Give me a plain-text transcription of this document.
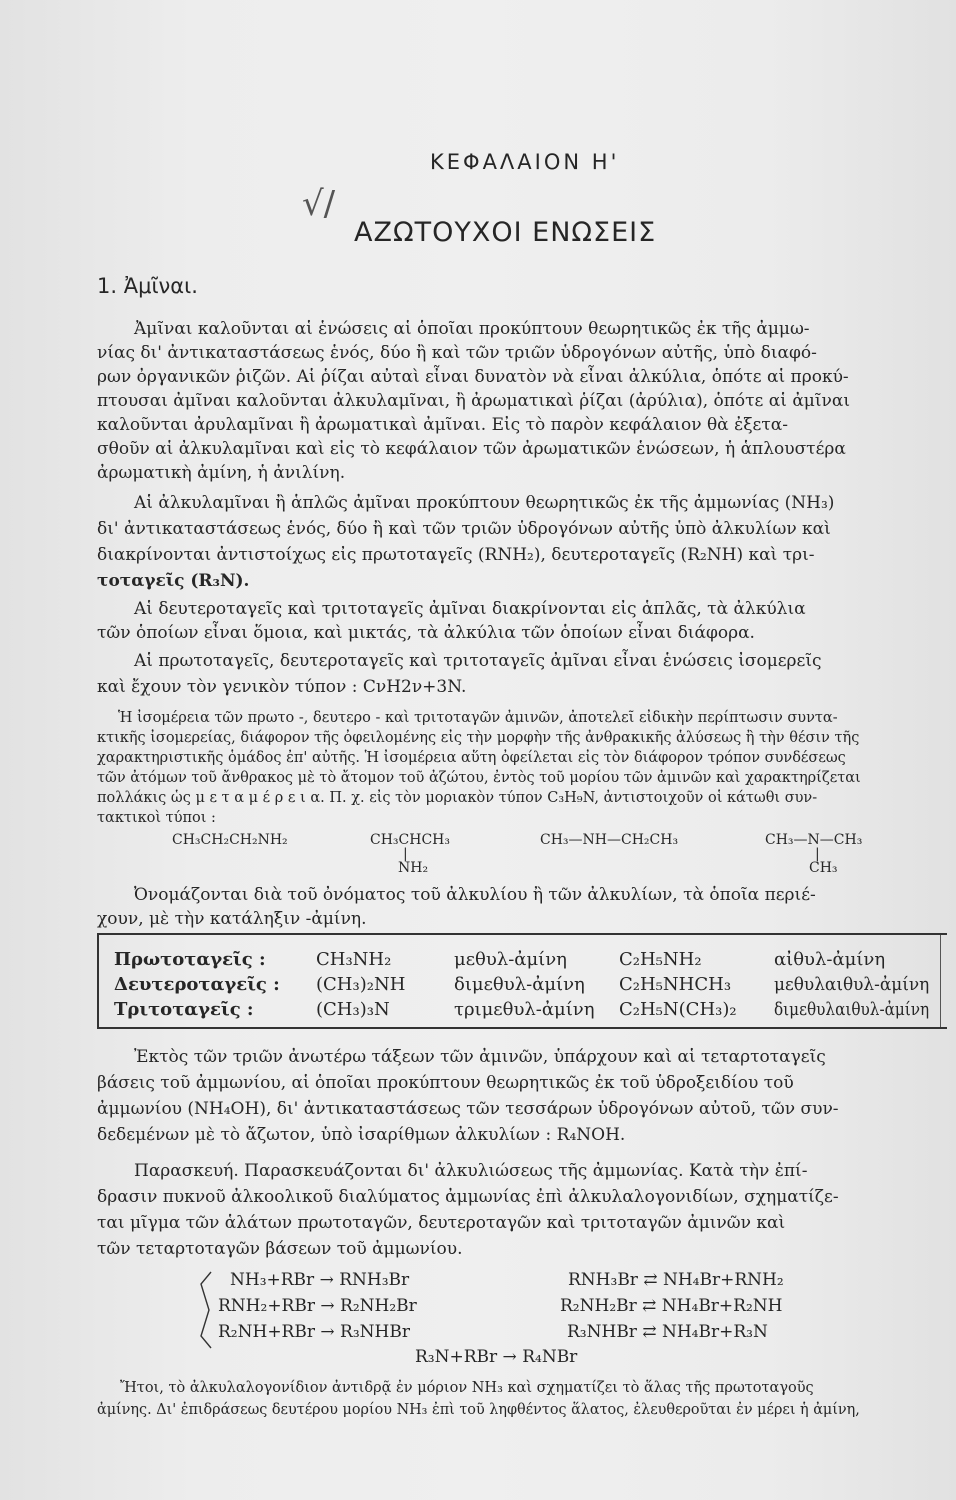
ΚΕΦΑΛΑΙΟΝ Η'
√/
ΑΖΩΤΟΥΧΟΙ ΕΝΩΣΕΙΣ
1. Ἀμῖναι.
Ἀμῖναι καλοῦνται αἱ ἑνώσεις αἱ ὁποῖαι προκύπτουν θεωρητικῶς ἐκ τῆς ἀμμω-
νίας δι' ἀντικαταστάσεως ἑνός, δύο ἢ καὶ τῶν τριῶν ὑδρογόνων αὐτῆς, ὑπὸ διαφό-
ρων ὀργανικῶν ῥιζῶν. Αἱ ῥίζαι αὐταὶ εἶναι δυνατὸν νὰ εἶναι ἀλκύλια, ὁπότε αἱ προκύ-
πτουσαι ἀμῖναι καλοῦνται ἀλκυλαμῖναι, ἢ ἀρωματικαὶ ῥίζαι (ἀρύλια), ὁπότε αἱ ἀμῖναι
καλοῦνται ἀρυλαμῖναι ἢ ἀρωματικαὶ ἀμῖναι. Εἰς τὸ παρὸν κεφάλαιον θὰ ἐξετα-
σθοῦν αἱ ἀλκυλαμῖναι καὶ εἰς τὸ κεφάλαιον τῶν ἀρωματικῶν ἑνώσεων, ἡ ἁπλουστέρα
ἀρωματικὴ ἀμίνη, ἡ ἀνιλίνη.
Αἱ ἀλκυλαμῖναι ἢ ἁπλῶς ἀμῖναι προκύπτουν θεωρητικῶς ἐκ τῆς ἀμμωνίας (NH₃)
δι' ἀντικαταστάσεως ἑνός, δύο ἢ καὶ τῶν τριῶν ὑδρογόνων αὐτῆς ὑπὸ ἀλκυλίων καὶ
διακρίνονται ἀντιστοίχως εἰς πρωτοταγεῖς (RNH₂), δευτεροταγεῖς (R₂NH) καὶ τρι-
τοταγεῖς (R₃N).
Αἱ δευτεροταγεῖς καὶ τριτοταγεῖς ἀμῖναι διακρίνονται εἰς ἁπλᾶς, τὰ ἀλκύλια
τῶν ὁποίων εἶναι ὅμοια, καὶ μικτάς, τὰ ἀλκύλια τῶν ὁποίων εἶναι διάφορα.
Αἱ πρωτοταγεῖς, δευτεροταγεῖς καὶ τριτοταγεῖς ἀμῖναι εἶναι ἑνώσεις ἰσομερεῖς
καὶ ἔχουν τὸν γενικὸν τύπον : CνH2ν+3N.
Ἡ ἰσομέρεια τῶν πρωτο -, δευτερο - καὶ τριτοταγῶν ἀμινῶν, ἀποτελεῖ εἰδικὴν περίπτωσιν συντα-
κτικῆς ἰσομερείας, διάφορον τῆς ὀφειλομένης εἰς τὴν μορφὴν τῆς ἀνθρακικῆς ἁλύσεως ἢ τὴν θέσιν τῆς
χαρακτηριστικῆς ὁμάδος ἐπ' αὐτῆς. Ἡ ἰσομέρεια αὕτη ὀφείλεται εἰς τὸν διάφορον τρόπον συνδέσεως
τῶν ἀτόμων τοῦ ἄνθρακος μὲ τὸ ἄτομον τοῦ ἀζώτου, ἐντὸς τοῦ μορίου τῶν ἀμινῶν καὶ χαρακτηρίζεται
πολλάκις ὡς μ ε τ α μ έ ρ ε ι α. Π. χ. εἰς τὸν μοριακὸν τύπον C₃H₉N, ἀντιστοιχοῦν οἱ κάτωθι συν-
τακτικοὶ τύποι :
CH₃CH₂CH₂NH₂	CH₃CHCH₃
|
NH₂
CH₃—NH—CH₂CH₃	CH₃—N—CH₃
|
CH₃
Ὀνομάζονται διὰ τοῦ ὀνόματος τοῦ ἀλκυλίου ἢ τῶν ἀλκυλίων, τὰ ὁποῖα περιέ-
χουν, μὲ τὴν κατάληξιν -ἀμίνη.
Πρωτοταγεῖς :	CH₃NH₂	μεθυλ-ἀμίνη	C₂H₅NH₂	αἰθυλ-ἀμίνη
Δευτεροταγεῖς : (CH₃)₂NH	διμεθυλ-ἀμίνη C₂H₅NHCH₃ μεθυλαιθυλ-ἀμίνη
Τριτοταγεῖς :	(CH₃)₃N	τριμεθυλ-ἀμίνη C₂H₅N(CH₃)₂ διμεθυλαιθυλ-ἀμίνη
Ἐκτὸς τῶν τριῶν ἀνωτέρω τάξεων τῶν ἀμινῶν, ὑπάρχουν καὶ αἱ τεταρτοταγεῖς
βάσεις τοῦ ἀμμωνίου, αἱ ὁποῖαι προκύπτουν θεωρητικῶς ἐκ τοῦ ὑδροξειδίου τοῦ
ἀμμωνίου (NH₄OH), δι' ἀντικαταστάσεως τῶν τεσσάρων ὑδρογόνων αὐτοῦ, τῶν συν-
δεδεμένων μὲ τὸ ἄζωτον, ὑπὸ ἰσαρίθμων ἀλκυλίων : R₄NOH.
Παρασκευή. Παρασκευάζονται δι' ἀλκυλιώσεως τῆς ἀμμωνίας. Κατὰ τὴν ἐπί-
δρασιν πυκνοῦ ἀλκοολικοῦ διαλύματος ἀμμωνίας ἐπὶ ἀλκυλαλογονιδίων, σχηματίζε-
ται μῖγμα τῶν ἁλάτων πρωτοταγῶν, δευτεροταγῶν καὶ τριτοταγῶν ἀμινῶν καὶ
τῶν τεταρτοταγῶν βάσεων τοῦ ἀμμωνίου.
NH₃+RBr → RNH₃Br
RNH₂+RBr → R₂NH₂Br
R₂NH+RBr → R₃NHBr
RNH₃Br ⇄ NH₄Br+RNH₂
R₂NH₂Br ⇄ NH₄Br+R₂NH
R₃NHBr ⇄ NH₄Br+R₃N
R₃N+RBr → R₄NBr
Ἤτοι, τὸ ἀλκυλαλογονίδιον ἀντιδρᾷ ἐν μόριον NH₃ καὶ σχηματίζει τὸ ἅλας τῆς πρωτοταγοῦς
ἀμίνης. Δι' ἐπιδράσεως δευτέρου μορίου NH₃ ἐπὶ τοῦ ληφθέντος ἅλατος, ἐλευθεροῦται ἐν μέρει ἡ ἀμίνη,
